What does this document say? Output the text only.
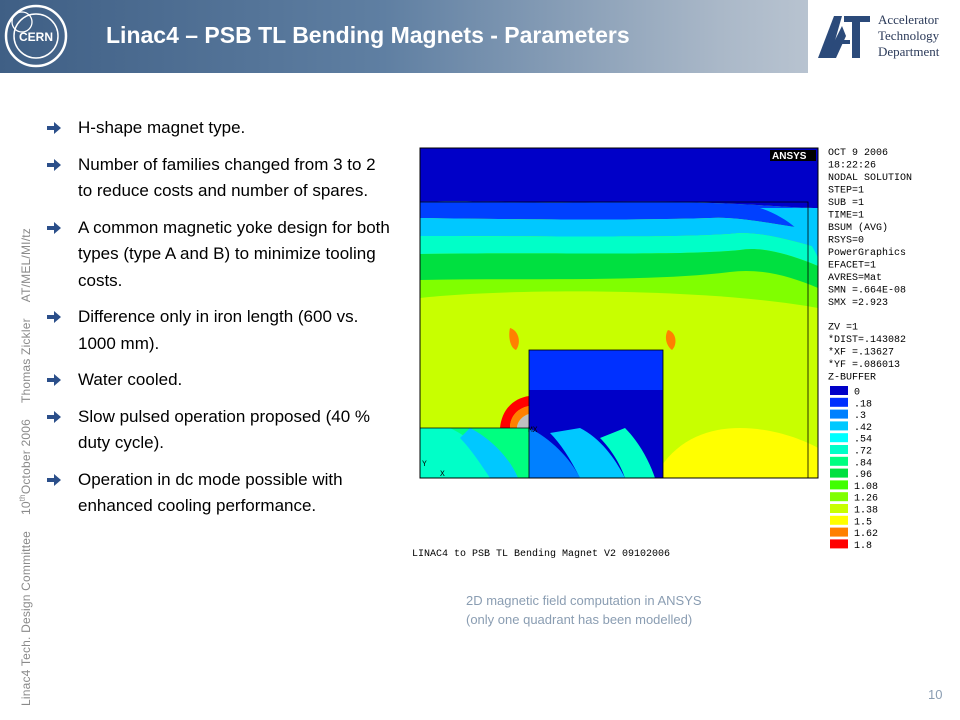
CERN Linac4 – PSB TL Bending Magnets - Parameters
Accelerator
Technology
Department
Linac4 Tech. Design Committee10thOctober 2006Thomas ZicklerAT/MEL/MI/tz
H-shape magnet type.
Number of families changed from 3 to 2 to reduce costs and number of spares.
A common magnetic yoke design for both types (type A and B) to minimize tooling costs.
Difference only in iron length (600 vs. 1000 mm).
Water cooled.
Slow pulsed operation proposed (40 % duty cycle).
Operation in dc mode possible with enhanced cooling performance.
ANSYS
MX
X
Y
OCT 9 2006
18:22:26
NODAL SOLUTION
STEP=1
SUB =1
TIME=1
BSUM (AVG)
RSYS=0
PowerGraphics
EFACET=1
AVRES=Mat
SMN =.664E-08
SMX =2.923
ZV =1
*DIST=.143082
*XF =.13627
*YF =.086013
Z-BUFFER
0
.18
.3
.42
.54
.72
.84
.96
1.08
1.26
1.38
1.5
1.62
1.8
LINAC4 to PSB TL Bending Magnet V2 09102006
2D magnetic field computation in ANSYS
(only one quadrant has been modelled)
10
